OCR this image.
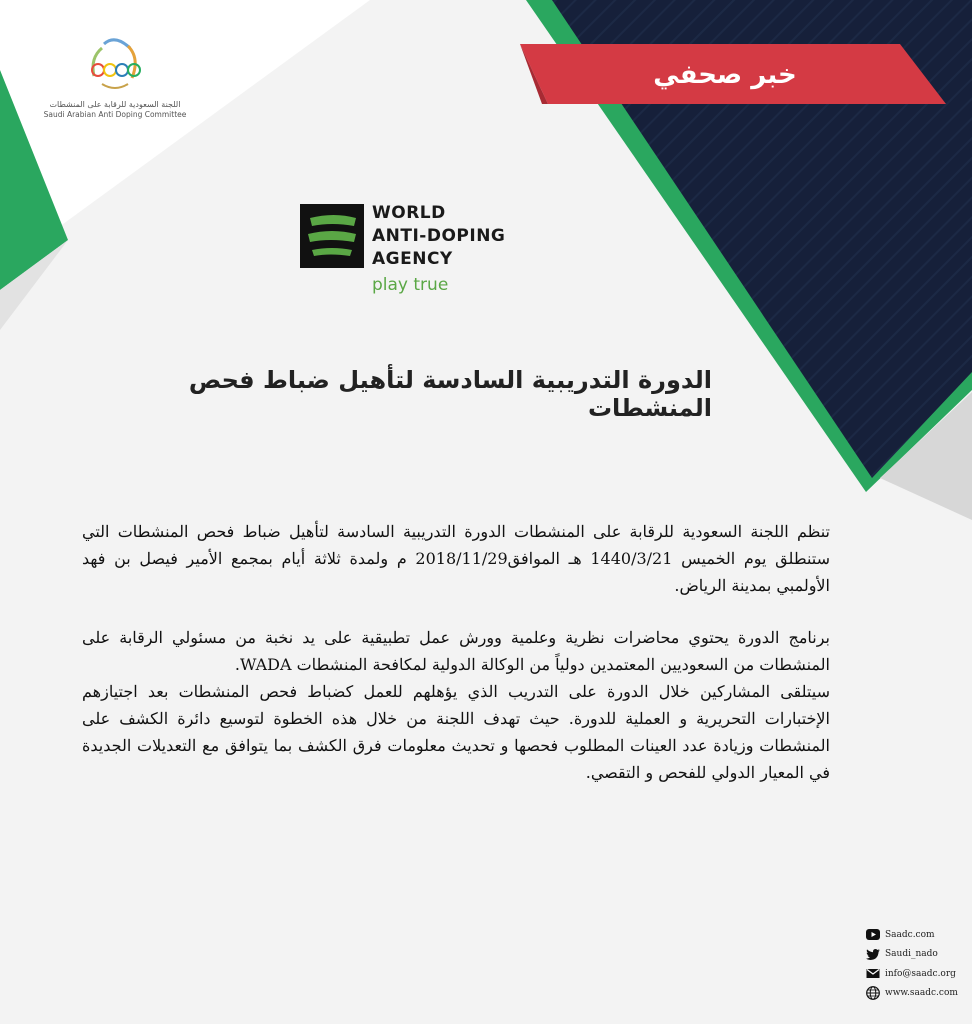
اللجنة السعودية للرقابة على المنشطات
Saudi Arabian Anti Doping Committee
خبر صحفي
WORLD
ANTI-DOPING
AGENCY
play true
الدورة التدريبية السادسة لتأهيل ضباط فحص المنشطات

تنظم اللجنة السعودية للرقابة على المنشطات الدورة التدريبية السادسة لتأهيل ضباط فحص المنشطات التي ستنطلق يوم الخميس 1440/3/21 هـ الموافق2018/11/29 م ولمدة ثلاثة أيام بمجمع الأمير فيصل بن فهد الأولمبي بمدينة الرياض.

برنامج الدورة يحتوي محاضرات نظرية وعلمية وورش عمل تطبيقية على يد نخبة من مسئولي الرقابة على المنشطات من السعوديين المعتمدين دولياً من الوكالة الدولية لمكافحة المنشطات WADA.

سيتلقى المشاركين خلال الدورة على التدريب الذي يؤهلهم للعمل كضباط فحص المنشطات بعد اجتيازهم الإختبارات التحريرية و العملية للدورة. حيث تهدف اللجنة من خلال هذه الخطوة لتوسيع دائرة الكشف على المنشطات وزيادة عدد العينات المطلوب فحصها و تحديث معلومات فرق الكشف بما يتوافق مع التعديلات الجديدة في المعيار الدولي للفحص و التقصي.

Saadc.com
Saudi_nado
info@saadc.org
www.saadc.com
